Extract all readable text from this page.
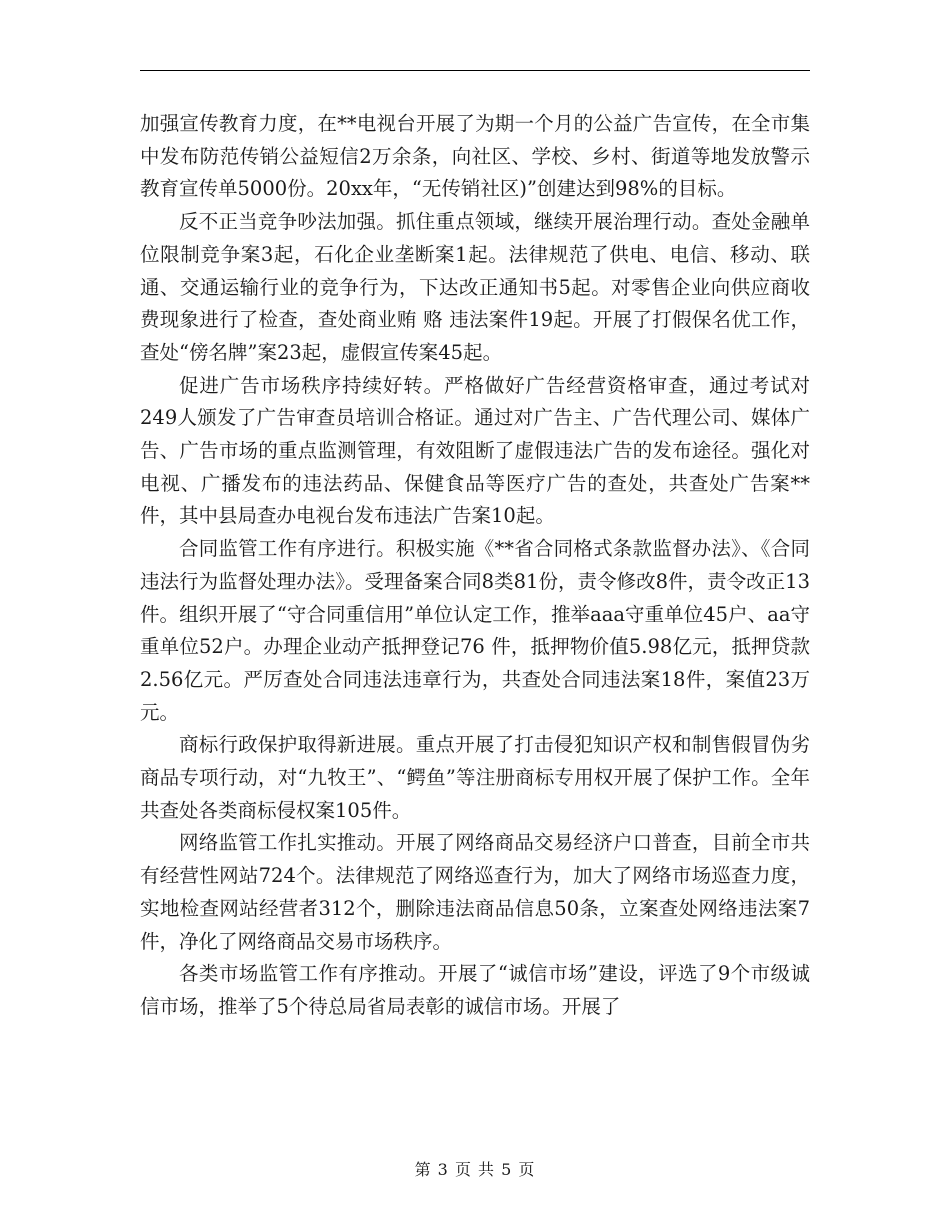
加强宣传教育力度，在**电视台开展了为期一个月的公益广告宣传，在全市集中发布防范传销公益短信2万余条，向社区、学校、乡村、街道等地发放警示教育宣传单5000份。20xx年，“无传销社区)”创建达到98%的目标。

反不正当竞争吵法加强。抓住重点领域，继续开展治理行动。查处金融单位限制竞争案3起，石化企业垄断案1起。法律规范了供电、电信、移动、联通、交通运输行业的竞争行为，下达改正通知书5起。对零售企业向供应商收费现象进行了检查，查处商业贿 赂 违法案件19起。开展了打假保名优工作，查处“傍名牌”案23起，虚假宣传案45起。

促进广告市场秩序持续好转。严格做好广告经营资格审查，通过考试对249人颁发了广告审查员培训合格证。通过对广告主、广告代理公司、媒体广告、广告市场的重点监测管理，有效阻断了虚假违法广告的发布途径。强化对电视、广播发布的违法药品、保健食品等医疗广告的查处，共查处广告案**件，其中县局查办电视台发布违法广告案10起。

合同监管工作有序进行。积极实施《**省合同格式条款监督办法》、《合同违法行为监督处理办法》。受理备案合同8类81份，责令修改8件，责令改正13件。组织开展了“守合同重信用”单位认定工作，推举aaa守重单位45户、aa守重单位52户。办理企业动产抵押登记76 件，抵押物价值5.98亿元，抵押贷款2.56亿元。严厉查处合同违法违章行为，共查处合同违法案18件，案值23万元。

商标行政保护取得新进展。重点开展了打击侵犯知识产权和制售假冒伪劣商品专项行动，对“九牧王”、“鳄鱼”等注册商标专用权开展了保护工作。全年共查处各类商标侵权案105件。

网络监管工作扎实推动。开展了网络商品交易经济户口普查，目前全市共有经营性网站724个。法律规范了网络巡查行为，加大了网络市场巡查力度，实地检查网站经营者312个，删除违法商品信息50条，立案查处网络违法案7件，净化了网络商品交易市场秩序。

各类市场监管工作有序推动。开展了“诚信市场”建设，评选了9个市级诚信市场，推举了5个待总局省局表彰的诚信市场。开展了

第 3 页 共 5 页
